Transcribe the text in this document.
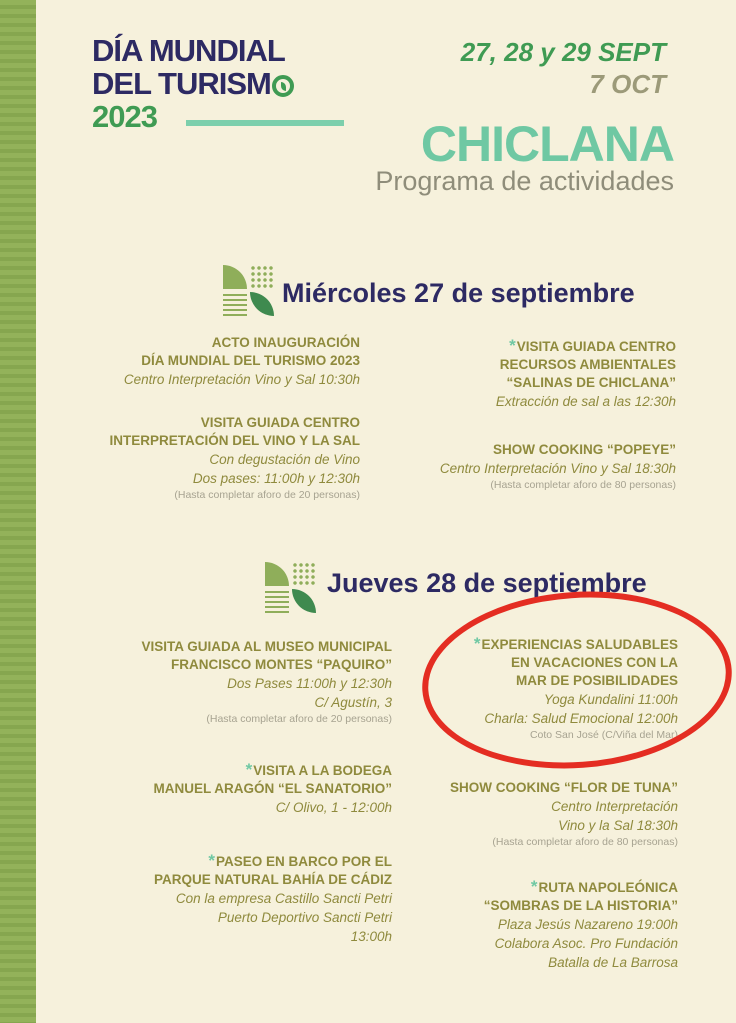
DÍA MUNDIAL
DEL TURISM
2023
27, 28 y 29 SEPT
7 OCT
CHICLANA
Programa de actividades
Miércoles 27 de septiembre
Jueves 28 de septiembre
ACTO INAUGURACIÓN
DÍA MUNDIAL DEL TURISMO 2023
Centro Interpretación Vino y Sal 10:30h
VISITA GUIADA CENTRO
INTERPRETACIÓN DEL VINO Y LA SAL
Con degustación de Vino
Dos pases: 11:00h y 12:30h
(Hasta completar aforo de 20 personas)
*VISITA GUIADA CENTRO
RECURSOS AMBIENTALES
“SALINAS DE CHICLANA”
Extracción de sal a las 12:30h
SHOW COOKING “POPEYE”
Centro Interpretación Vino y Sal 18:30h
(Hasta completar aforo de 80 personas)
VISITA GUIADA AL MUSEO MUNICIPAL
FRANCISCO MONTES “PAQUIRO”
Dos Pases 11:00h y 12:30h
C/ Agustín, 3
(Hasta completar aforo de 20 personas)
*VISITA A LA BODEGA
MANUEL ARAGÓN “EL SANATORIO”
C/ Olivo, 1 - 12:00h
*PASEO EN BARCO POR EL
PARQUE NATURAL BAHÍA DE CÁDIZ
Con la empresa Castillo Sancti Petri
Puerto Deportivo Sancti Petri
13:00h
*EXPERIENCIAS SALUDABLES
EN VACACIONES CON LA
MAR DE POSIBILIDADES
Yoga Kundalini 11:00h
Charla: Salud Emocional 12:00h
Coto San José (C/Viña del Mar)
SHOW COOKING “FLOR DE TUNA”
Centro Interpretación
Vino y la Sal 18:30h
(Hasta completar aforo de 80 personas)
*RUTA NAPOLEÓNICA
“SOMBRAS DE LA HISTORIA”
Plaza Jesús Nazareno 19:00h
Colabora Asoc. Pro Fundación
Batalla de La Barrosa
